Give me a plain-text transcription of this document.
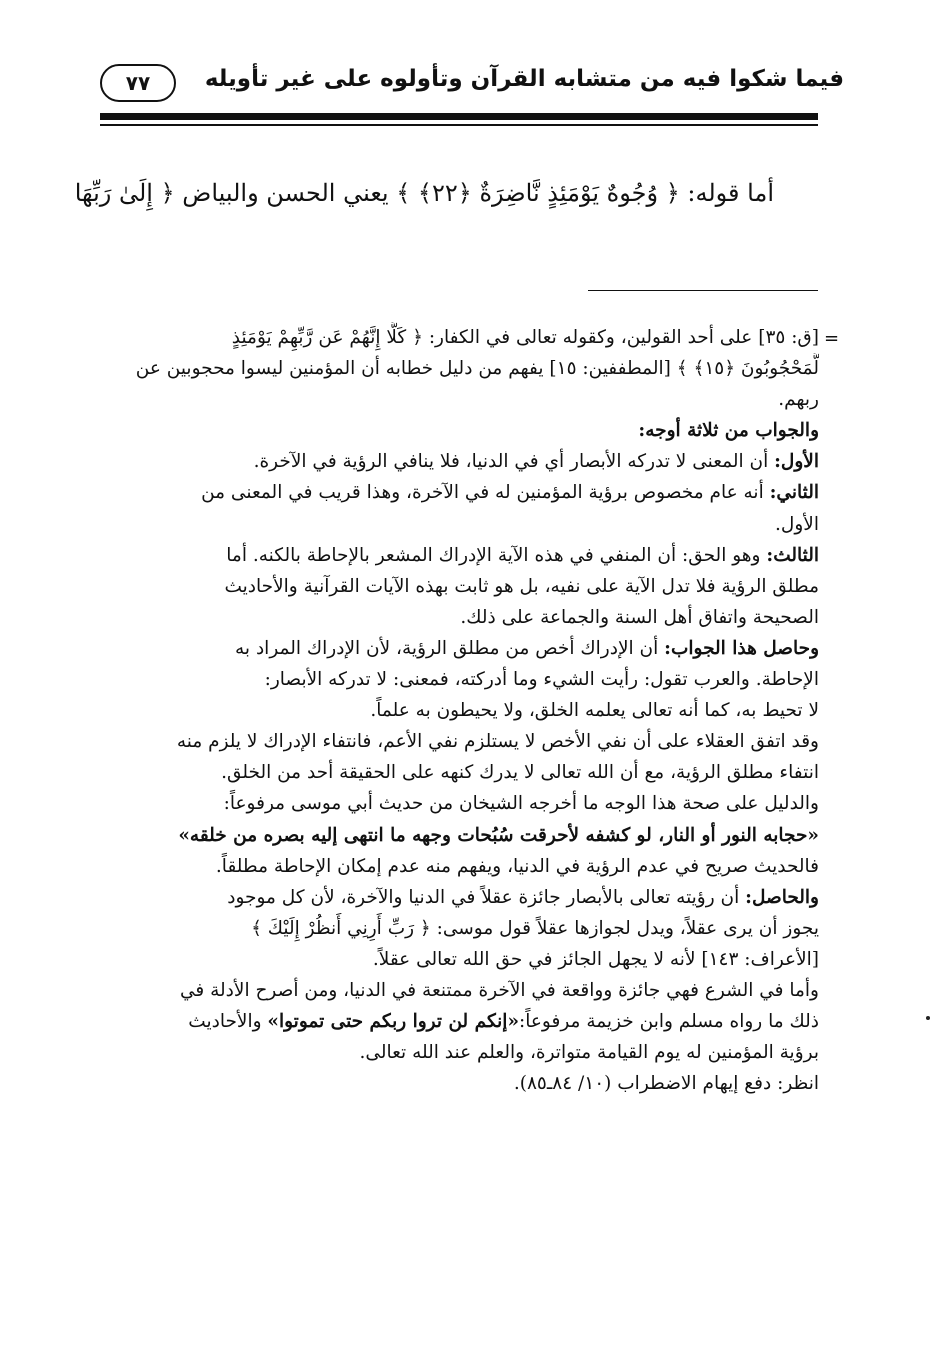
فيما شكوا فيه من متشابه القرآن وتأولوه على غير تأويله
٧٧
أما قوله: ﴿ وُجُوهٌ يَوْمَئِذٍ نَّاضِرَةٌ ﴿٢٢﴾ ﴾ يعني الحسن والبياض ﴿ إِلَىٰ رَبِّهَا
=
[ق: ٣٥] على أحد القولين، وكقوله تعالى في الكفار: ﴿ كَلَّا إِنَّهُمْ عَن رَّبِّهِمْ يَوْمَئِذٍ
لَّمَحْجُوبُونَ ﴿١٥﴾ ﴾ [المطففين: ١٥] يفهم من دليل خطابه أن المؤمنين ليسوا محجوبين عن
ربهم.
والجواب من ثلاثة أوجه:
الأول: أن المعنى لا تدركه الأبصار أي في الدنيا، فلا ينافي الرؤية في الآخرة.
الثاني: أنه عام مخصوص برؤية المؤمنين له في الآخرة، وهذا قريب في المعنى من
الأول.
الثالث: وهو الحق: أن المنفي في هذه الآية الإدراك المشعر بالإحاطة بالكنه. أما
مطلق الرؤية فلا تدل الآية على نفيه، بل هو ثابت بهذه الآيات القرآنية والأحاديث
الصحيحة واتفاق أهل السنة والجماعة على ذلك.
وحاصل هذا الجواب: أن الإدراك أخص من مطلق الرؤية، لأن الإدراك المراد به
الإحاطة. والعرب تقول: رأيت الشيء وما أدركته، فمعنى: لا تدركه الأبصار:
لا تحيط به، كما أنه تعالى يعلمه الخلق، ولا يحيطون به علماً.
وقد اتفق العقلاء على أن نفي الأخص لا يستلزم نفي الأعم، فانتفاء الإدراك لا يلزم منه
انتفاء مطلق الرؤية، مع أن الله تعالى لا يدرك كنهه على الحقيقة أحد من الخلق.
والدليل على صحة هذا الوجه ما أخرجه الشيخان من حديث أبي موسى مرفوعاً:
«حجابه النور أو النار، لو كشفه لأحرقت سُبُحات وجهه ما انتهى إليه بصره من خلقه»
فالحديث صريح في عدم الرؤية في الدنيا، ويفهم منه عدم إمكان الإحاطة مطلقاً.
والحاصل: أن رؤيته تعالى بالأبصار جائزة عقلاً في الدنيا والآخرة، لأن كل موجود
يجوز أن يرى عقلاً، ويدل لجوازها عقلاً قول موسى: ﴿ رَبِّ أَرِنِي أَنظُرْ إِلَيْكَ ﴾
[الأعراف: ١٤٣] لأنه لا يجهل الجائز في حق الله تعالى عقلاً.
وأما في الشرع فهي جائزة وواقعة في الآخرة ممتنعة في الدنيا، ومن أصرح الأدلة في
ذلك ما رواه مسلم وابن خزيمة مرفوعاً:«إنكم لن تروا ربكم حتى تموتوا» والأحاديث
برؤية المؤمنين له يوم القيامة متواترة، والعلم عند الله تعالى.
انظر: دفع إيهام الاضطراب (١٠/ ٨٤ـ٨٥).
